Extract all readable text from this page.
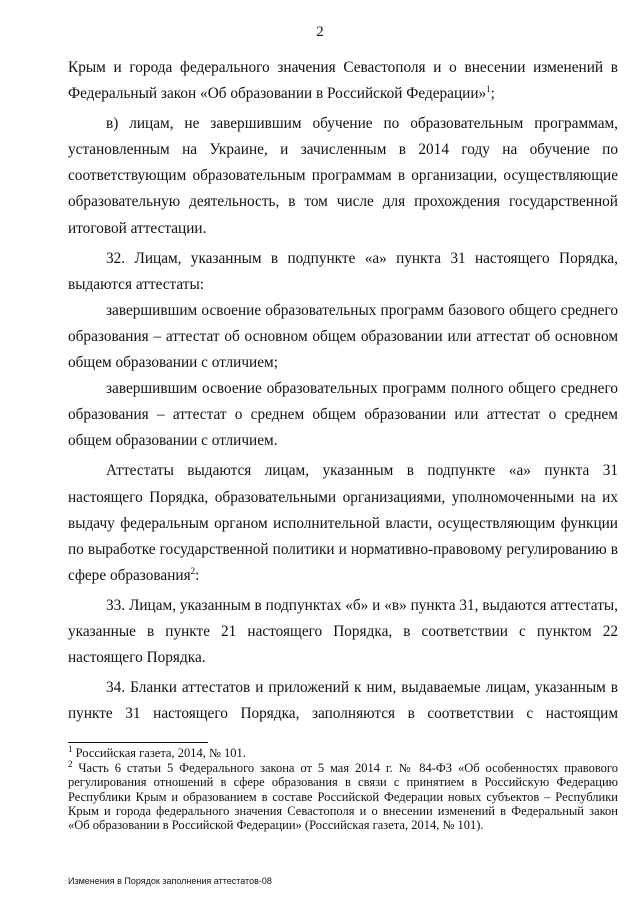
2

Крым и города федерального значения Севастополя и о внесении изменений в Федеральный закон «Об образовании в Российской Федерации»$^1$;

в) лицам, не завершившим обучение по образовательным программам, установленным на Украине, и зачисленным в 2014 году на обучение по соответствующим образовательным программам в организации, осуществляющие образовательную деятельность, в том числе для прохождения государственной итоговой аттестации.

32. Лицам, указанным в подпункте «а» пункта 31 настоящего Порядка, выдаются аттестаты:

завершившим освоение образовательных программ базового общего среднего образования – аттестат об основном общем образовании или аттестат об основном общем образовании с отличием;

завершившим освоение образовательных программ полного общего среднего образования – аттестат о среднем общем образовании или аттестат о среднем общем образовании с отличием.

Аттестаты выдаются лицам, указанным в подпункте «а» пункта 31 настоящего Порядка, образовательными организациями, уполномоченными на их выдачу федеральным органом исполнительной власти, осуществляющим функции по выработке государственной политики и нормативно-правовому регулированию в сфере образования$^2$:

33. Лицам, указанным в подпунктах «б» и «в» пункта 31, выдаются аттестаты, указанные в пункте 21 настоящего Порядка, в соответствии с пунктом 22 настоящего Порядка.

34. Бланки аттестатов и приложений к ним, выдаваемые лицам, указанным в пункте 31 настоящего Порядка, заполняются в соответствии с настоящим

$^1$ Российская газета, 2014, № 101.

$^2$ Часть 6 статьи 5 Федерального закона от 5 мая 2014 г. № 84-ФЗ «Об особенностях правового регулирования отношений в сфере образования в связи с принятием в Российскую Федерацию Республики Крым и образованием в составе Российской Федерации новых субъектов – Республики Крым и города федерального значения Севастополя и о внесении изменений в Федеральный закон «Об образовании в Российской Федерации» (Российская газета, 2014, № 101).

Изменения в Порядок заполнения аттестатов-08
